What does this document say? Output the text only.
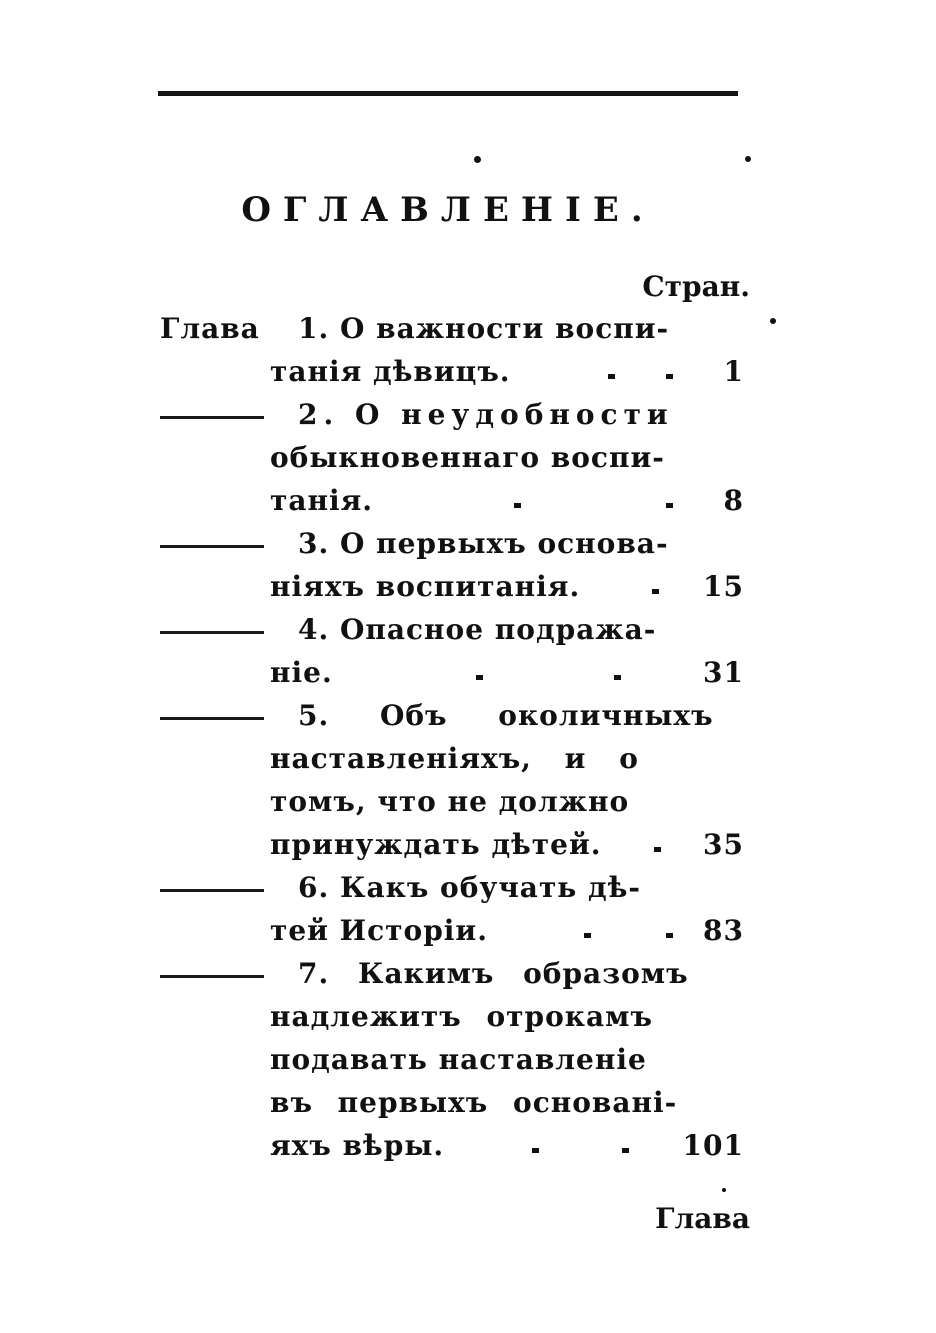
ОГЛАВЛЕНІЕ.
Стран.
Глава 1. О важности воспи-
танія дѣвицъ.	1
2. О неудобности
обыкновеннаго воспи-
танія.	8
3. О первыхъ основа-
ніяхъ воспитанія.	15
4. Опасное подража-
ніе.	31
5. Объ околичныхъ
наставленіяхъ, и о
томъ, что не должно
принуждать дѣтей.	35
6. Какъ обучать дѣ-
тей Исторіи.	83
7. Какимъ образомъ
надлежитъ отрокамъ
подавать наставленіе
въ первыхъ основані-
яхъ вѣры.	101
Глава
